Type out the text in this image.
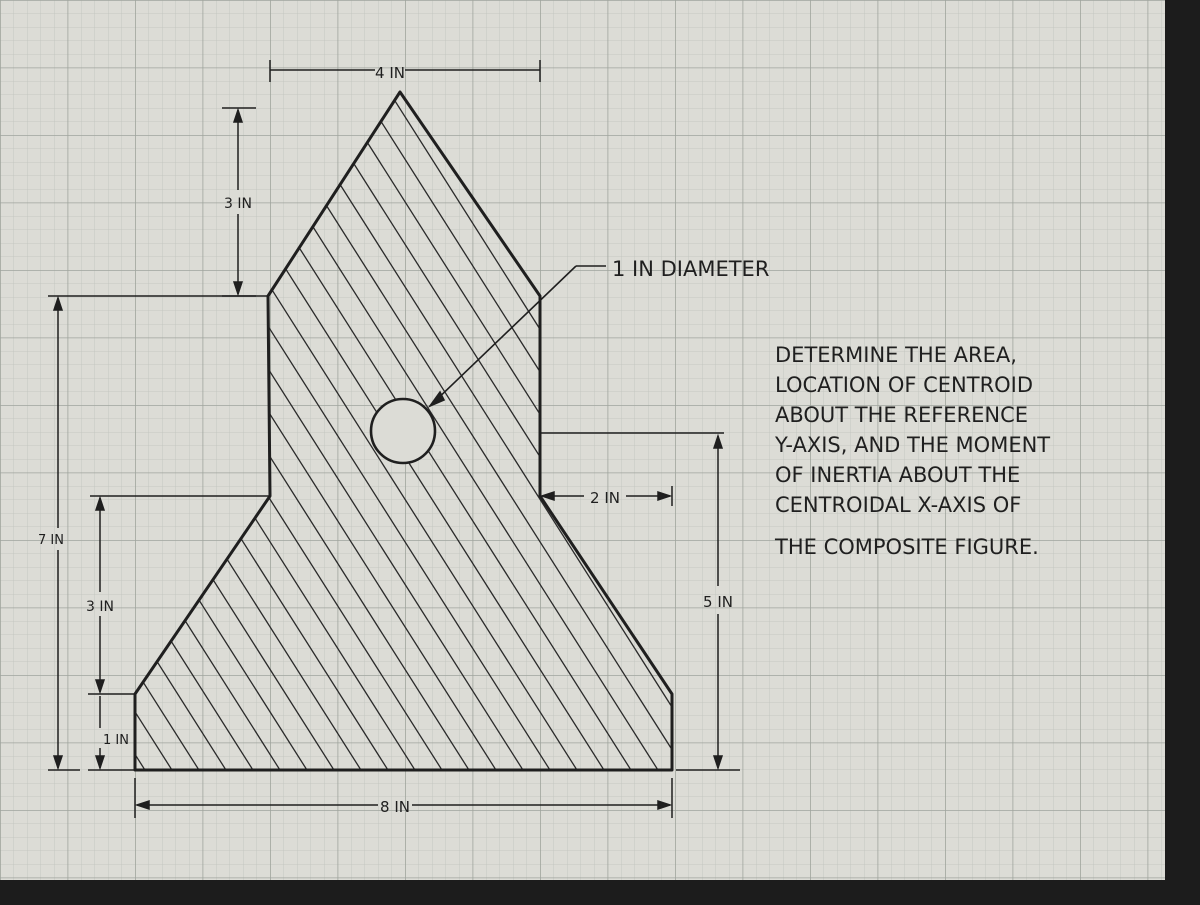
1 IN DIAMETER
4 IN
3 IN
2 IN
5 IN
7 IN
3 IN
1 IN
8 IN
DETERMINE THE AREA,
LOCATION OF CENTROID
ABOUT THE REFERENCE
Y-AXIS, AND THE MOMENT
OF INERTIA ABOUT THE
CENTROIDAL X-AXIS OF
THE COMPOSITE FIGURE.
